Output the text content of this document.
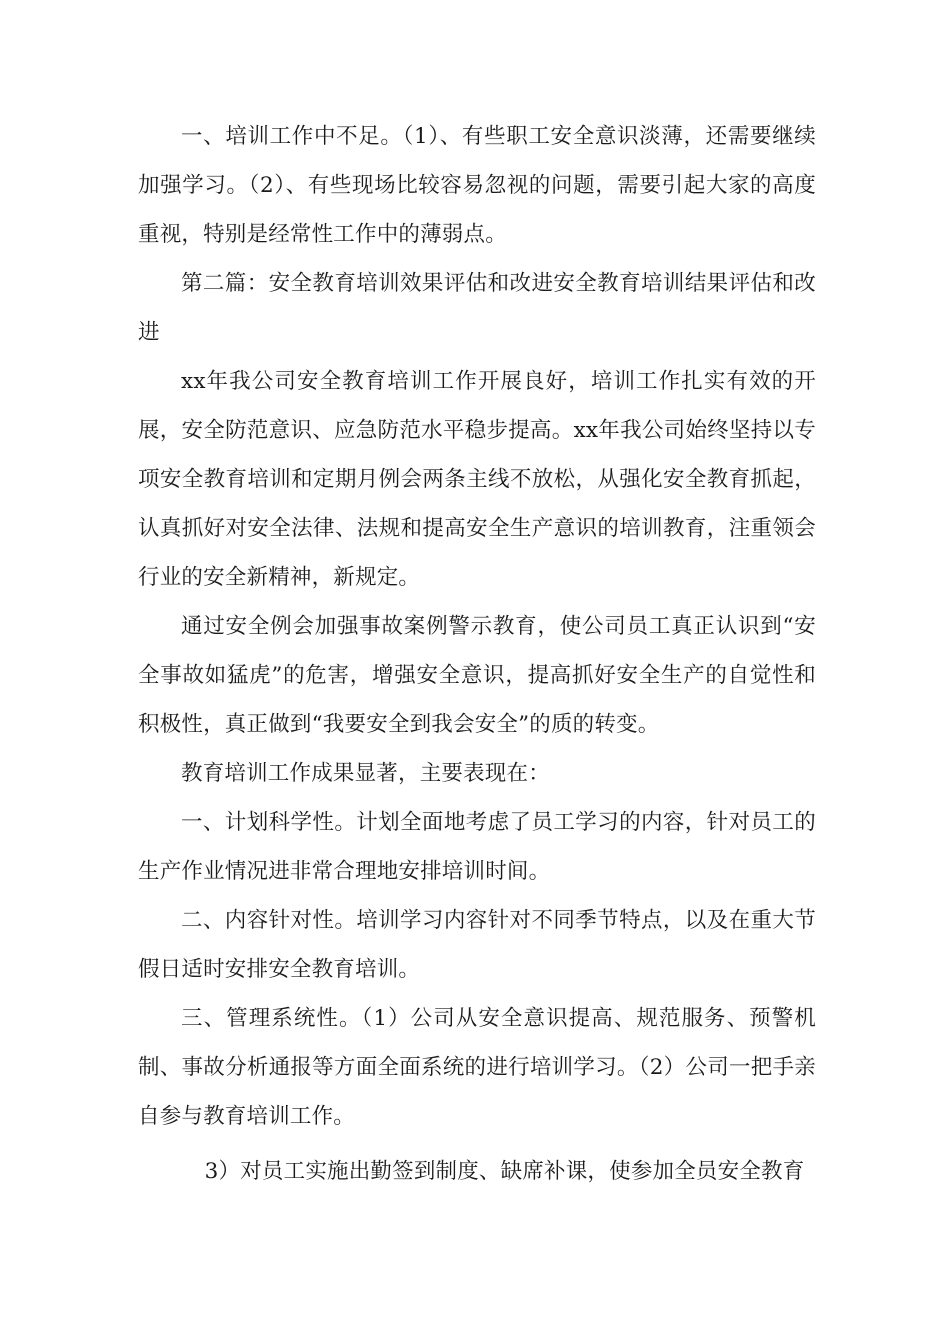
一、培训工作中不足。（1）、有些职工安全意识淡薄，还需要继续加强学习。（2）、有些现场比较容易忽视的问题，需要引起大家的高度重视，特别是经常性工作中的薄弱点。

第二篇：安全教育培训效果评估和改进安全教育培训结果评估和改进

xx年我公司安全教育培训工作开展良好，培训工作扎实有效的开展，安全防范意识、应急防范水平稳步提高。xx年我公司始终坚持以专项安全教育培训和定期月例会两条主线不放松，从强化安全教育抓起，认真抓好对安全法律、法规和提高安全生产意识的培训教育，注重领会行业的安全新精神，新规定。

通过安全例会加强事故案例警示教育，使公司员工真正认识到“安全事故如猛虎”的危害，增强安全意识，提高抓好安全生产的自觉性和积极性，真正做到“我要安全到我会安全”的质的转变。

教育培训工作成果显著，主要表现在：

一、计划科学性。计划全面地考虑了员工学习的内容，针对员工的生产作业情况进非常合理地安排培训时间。

二、内容针对性。培训学习内容针对不同季节特点，以及在重大节假日适时安排安全教育培训。

三、管理系统性。（1）公司从安全意识提高、规范服务、预警机制、事故分析通报等方面全面系统的进行培训学习。（2）公司一把手亲自参与教育培训工作。

3）对员工实施出勤签到制度、缺席补课，使参加全员安全教育
